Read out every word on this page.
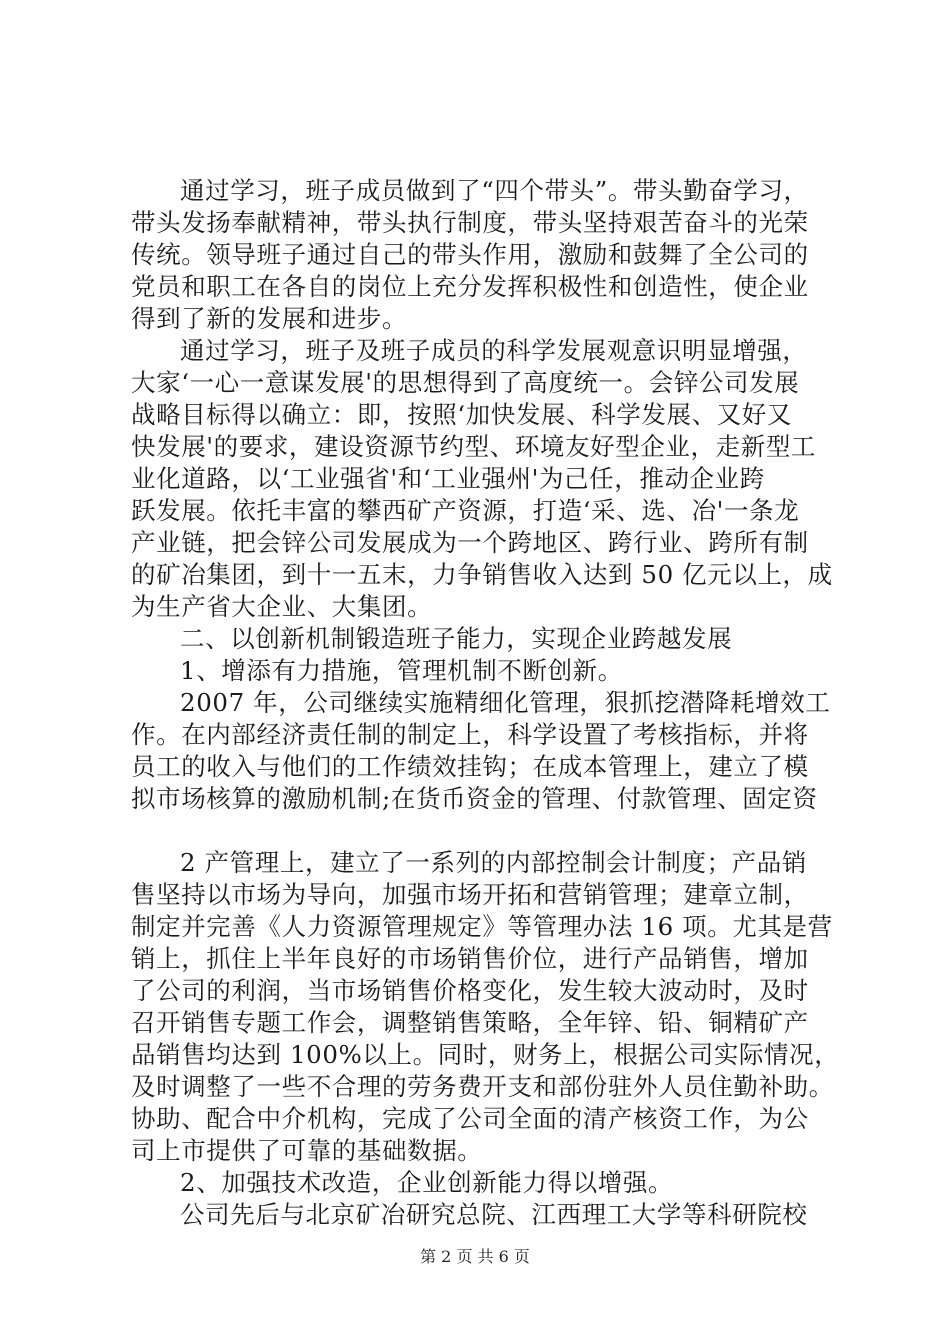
通过学习，班子成员做到了“四个带头”。带头勤奋学习，
带头发扬奉献精神，带头执行制度，带头坚持艰苦奋斗的光荣
传统。领导班子通过自己的带头作用，激励和鼓舞了全公司的
党员和职工在各自的岗位上充分发挥积极性和创造性，使企业
得到了新的发展和进步。
通过学习，班子及班子成员的科学发展观意识明显增强，
大家‘一心一意谋发展'的思想得到了高度统一。会锌公司发展
战略目标得以确立：即，按照‘加快发展、科学发展、又好又
快发展'的要求，建设资源节约型、环境友好型企业，走新型工
业化道路，以‘工业强省'和‘工业强州'为己任，推动企业跨
跃发展。依托丰富的攀西矿产资源，打造‘采、选、冶'一条龙
产业链，把会锌公司发展成为一个跨地区、跨行业、跨所有制
的矿冶集团，到十一五末，力争销售收入达到 50 亿元以上，成
为生产省大企业、大集团。
二、以创新机制锻造班子能力，实现企业跨越发展
1、增添有力措施，管理机制不断创新。
2007 年，公司继续实施精细化管理，狠抓挖潜降耗增效工
作。在内部经济责任制的制定上，科学设置了考核指标，并将
员工的收入与他们的工作绩效挂钩；在成本管理上，建立了模
拟市场核算的激励机制;在货币资金的管理、付款管理、固定资
2 产管理上，建立了一系列的内部控制会计制度；产品销
售坚持以市场为导向，加强市场开拓和营销管理；建章立制，
制定并完善《人力资源管理规定》等管理办法 16 项。尤其是营
销上，抓住上半年良好的市场销售价位，进行产品销售，增加
了公司的利润，当市场销售价格变化，发生较大波动时，及时
召开销售专题工作会，调整销售策略，全年锌、铅、铜精矿产
品销售均达到 100%以上。同时，财务上，根据公司实际情况，
及时调整了一些不合理的劳务费开支和部份驻外人员住勤补助。
协助、配合中介机构，完成了公司全面的清产核资工作，为公
司上市提供了可靠的基础数据。
2、加强技术改造，企业创新能力得以增强。
公司先后与北京矿冶研究总院、江西理工大学等科研院校
第 2 页 共 6 页
